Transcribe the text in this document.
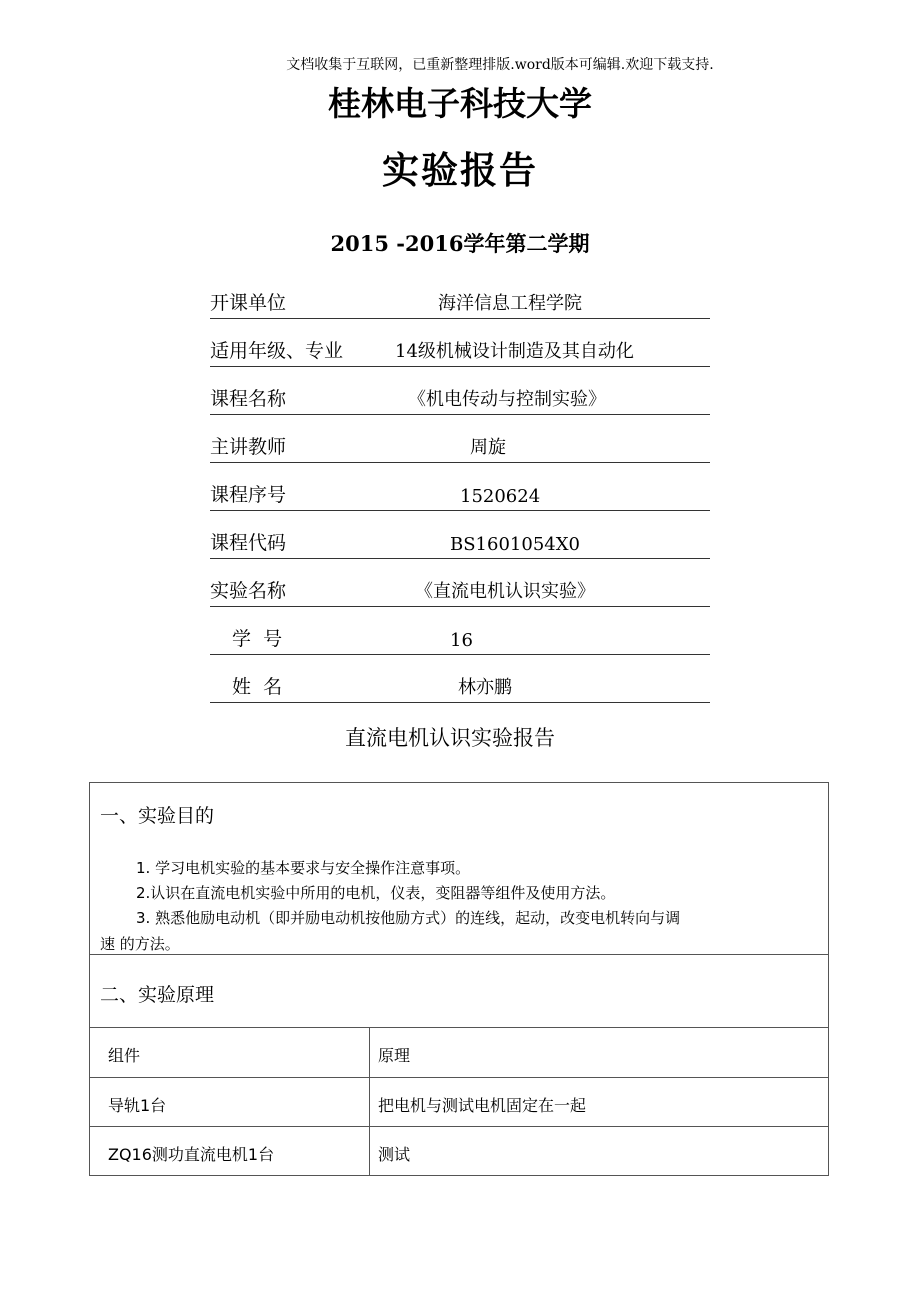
文档收集于互联网，已重新整理排版.word版本可编辑.欢迎下载支持.
桂林电子科技大学
实验报告
2015 -2016学年第二学期
开课单位	海洋信息工程学院
适用年级、专业	14级机械设计制造及其自动化
课程名称	《机电传动与控制实验》
主讲教师	周旋
课程序号	1520624
课程代码	BS1601054X0
实验名称	《直流电机认识实验》
学  号	16
姓  名	林亦鹏
直流电机认识实验报告
一、实验目的
1. 学习电机实验的基本要求与安全操作注意事项。
2.认识在直流电机实验中所用的电机，仪表，变阻器等组件及使用方法。
3. 熟悉他励电动机（即并励电动机按他励方式）的连线，起动，改变电机转向与调
速 的方法。
二、实验原理
组件	原理
导轨1台	把电机与测试电机固定在一起
ZQ16测功直流电机1台	测试
